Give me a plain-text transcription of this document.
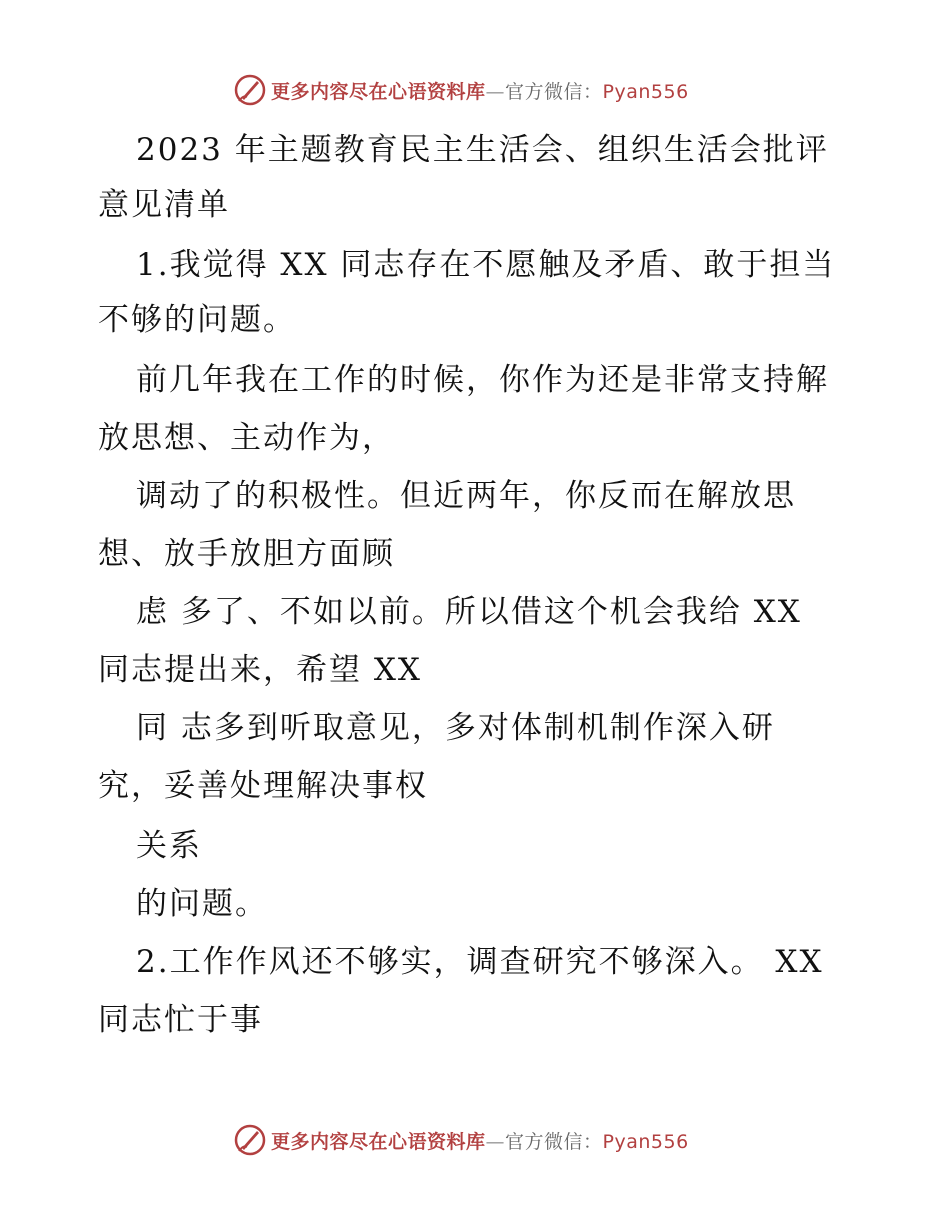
更多内容尽在心语资料库—官方微信：Pyan556
2023 年主题教育民主生活会、组织生活会批评
意见清单
1.我觉得 XX 同志存在不愿触及矛盾、敢于担当
不够的问题。
前几年我在工作的时候，你作为还是非常支持解
放思想、主动作为，
调动了的积极性。但近两年，你反而在解放思
想、放手放胆方面顾
虑 多了、不如以前。所以借这个机会我给 XX
同志提出来，希望 XX
同 志多到听取意见，多对体制机制作深入研
究，妥善处理解决事权
关系
的问题。
2.工作作风还不够实，调查研究不够深入。 XX
同志忙于事
更多内容尽在心语资料库—官方微信：Pyan556
